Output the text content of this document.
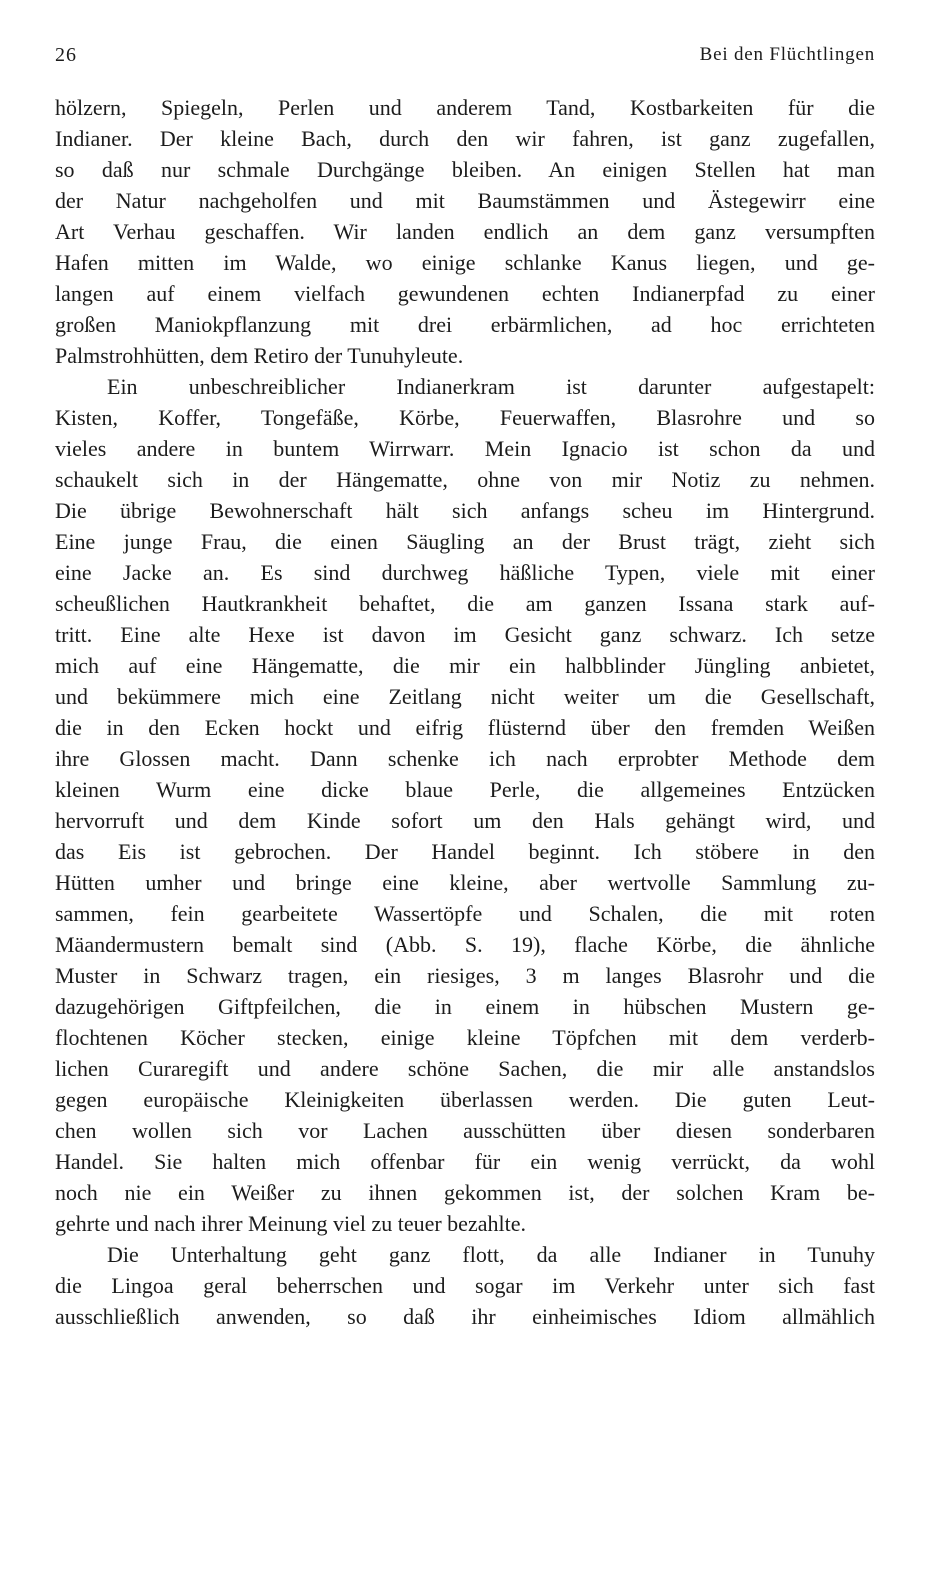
26	Bei den Flüchtlingen
hölzern, Spiegeln, Perlen und anderem Tand, Kostbarkeiten für die
Indianer. Der kleine Bach, durch den wir fahren, ist ganz zugefallen,
so daß nur schmale Durchgänge bleiben. An einigen Stellen hat man
der Natur nachgeholfen und mit Baumstämmen und Ästegewirr eine
Art Verhau geschaffen. Wir landen endlich an dem ganz versumpften
Hafen mitten im Walde, wo einige schlanke Kanus liegen, und ge-
langen auf einem vielfach gewundenen echten Indianerpfad zu einer
großen Maniokpflanzung mit drei erbärmlichen, ad hoc errichteten
Palmstrohhütten, dem Retiro der Tunuhyleute.
Ein unbeschreiblicher Indianerkram ist darunter aufgestapelt:
Kisten, Koffer, Tongefäße, Körbe, Feuerwaffen, Blasrohre und so
vieles andere in buntem Wirrwarr. Mein Ignacio ist schon da und
schaukelt sich in der Hängematte, ohne von mir Notiz zu nehmen.
Die übrige Bewohnerschaft hält sich anfangs scheu im Hintergrund.
Eine junge Frau, die einen Säugling an der Brust trägt, zieht sich
eine Jacke an. Es sind durchweg häßliche Typen, viele mit einer
scheußlichen Hautkrankheit behaftet, die am ganzen Issana stark auf-
tritt. Eine alte Hexe ist davon im Gesicht ganz schwarz. Ich setze
mich auf eine Hängematte, die mir ein halbblinder Jüngling anbietet,
und bekümmere mich eine Zeitlang nicht weiter um die Gesellschaft,
die in den Ecken hockt und eifrig flüsternd über den fremden Weißen
ihre Glossen macht. Dann schenke ich nach erprobter Methode dem
kleinen Wurm eine dicke blaue Perle, die allgemeines Entzücken
hervorruft und dem Kinde sofort um den Hals gehängt wird, und
das Eis ist gebrochen. Der Handel beginnt. Ich stöbere in den
Hütten umher und bringe eine kleine, aber wertvolle Sammlung zu-
sammen, fein gearbeitete Wassertöpfe und Schalen, die mit roten
Mäandermustern bemalt sind (Abb. S. 19), flache Körbe, die ähnliche
Muster in Schwarz tragen, ein riesiges, 3 m langes Blasrohr und die
dazugehörigen Giftpfeilchen, die in einem in hübschen Mustern ge-
flochtenen Köcher stecken, einige kleine Töpfchen mit dem verderb-
lichen Curaregift und andere schöne Sachen, die mir alle anstandslos
gegen europäische Kleinigkeiten überlassen werden. Die guten Leut-
chen wollen sich vor Lachen ausschütten über diesen sonderbaren
Handel. Sie halten mich offenbar für ein wenig verrückt, da wohl
noch nie ein Weißer zu ihnen gekommen ist, der solchen Kram be-
gehrte und nach ihrer Meinung viel zu teuer bezahlte.
Die Unterhaltung geht ganz flott, da alle Indianer in Tunuhy
die Lingoa geral beherrschen und sogar im Verkehr unter sich fast
ausschließlich anwenden, so daß ihr einheimisches Idiom allmählich
